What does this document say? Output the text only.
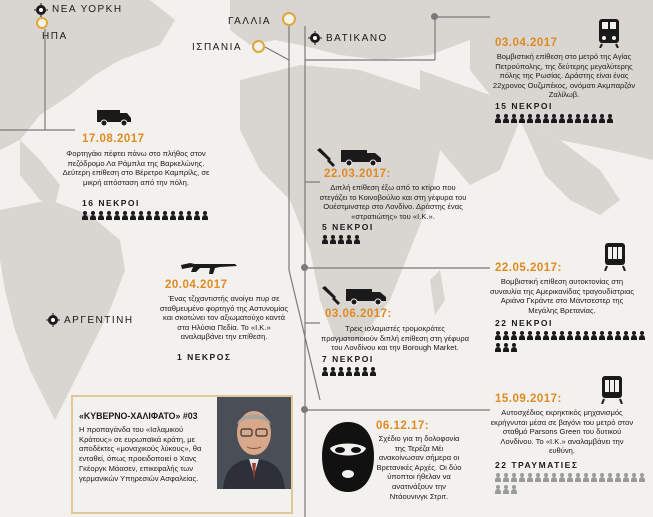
ΝΕΑ ΥΟΡΚΗ
ΗΠΑ
ΓΑΛΛΙΑ
ΙΣΠΑΝΙΑ
ΒΑΤΙΚΑΝΟ
ΑΡΓΕΝΤΙΝΗ
17.08.2017
Φορτηγάκι πέφτει πάνω στο πλήθος στον πεζόδρομο Λα Ράμπλα της Βαρκελώνης. Δεύτερη επίθεση στο Βέρετρο Καμπρίλς, σε μικρή απόσταση από την πόλη.
16 ΝΕΚΡΟΙ
20.04.2017
Ένας τζιχαντιστής ανοίγει πυρ σε σταθμευμένο φορτηγό της Αστυνομίας και σκοτώνει τον αξιωματούχο καντά στα Ηλύσια Πεδία. Το «Ι.Κ.» αναλαμβάνει την επίθεση.
1 ΝΕΚΡΟΣ
22.03.2017:
Διπλή επίθεση έξω από το κτίριο που στεγάζει το Κοινοβούλιο και στη γέφυρα του Ουέστμινστερ στο Λονδίνο. Δράστης ένας «στρατιώτης» του «Ι.Κ.».
5 ΝΕΚΡΟΙ
03.06.2017:
Τρεις ισλαμιστές τρομοκράτες πραγματοποιούν διπλή επίθεση στη γέφυρα του Λονδίνου και την Borough Market.
7 ΝΕΚΡΟΙ
06.12.17:
Σχέδιο για τη δολοφονία της Τερέζα Μέι ανακοίνωσαν σήμερα οι Βρετανικές Αρχές. Οι δύο ύποπτοι ήθελαν να ανατινάξουν την Ντάουνινγκ Στριτ.
03.04.2017
Βομβιστική επίθεση στο μετρό της Αγίας Πετρούπολης, της δεύτερης μεγαλύτερης πόλης της Ρωσίας. Δράστης είναι ένας 22χρονος Ουζμπέκος, ονόματι Ακμπαρζόν Ζαλίλωβ.
15 ΝΕΚΡΟΙ
22.05.2017:
Βομβιστική επίθεση αυτοκτονίας στη συναυλία της Αμερικανίδας τραγουδίστριας Αριάνα Γκράντε στο Μάντσεστερ της Μεγάλης Βρετανίας.
22 ΝΕΚΡΟΙ
15.09.2017:
Αυτοσχέδιος εκρηκτικός μηχανισμός εκρήγνυται μέσα σε βαγόνι του μετρό στον σταθμό Parsons Green του δυτικού Λονδίνου. Το «Ι.Κ.» αναλαμβάνει την ευθύνη.
22 ΤΡΑΥΜΑΤΙΕΣ
«ΚΥΒΕΡΝΟ-ΧΑΛΙΦΑΤΟ» #03
Η προπαγάνδα του «Ισλαμικού Κράτους» σε ευρωπαϊκά κράτη, με αποδέκτες «μοναχικούς λύκους», θα ενταθεί, όπως προειδοποιεί ο Χανς Γκέοργκ Μάασεν, επικεφαλής των γερμανικών Υπηρεσιών Ασφαλείας.
